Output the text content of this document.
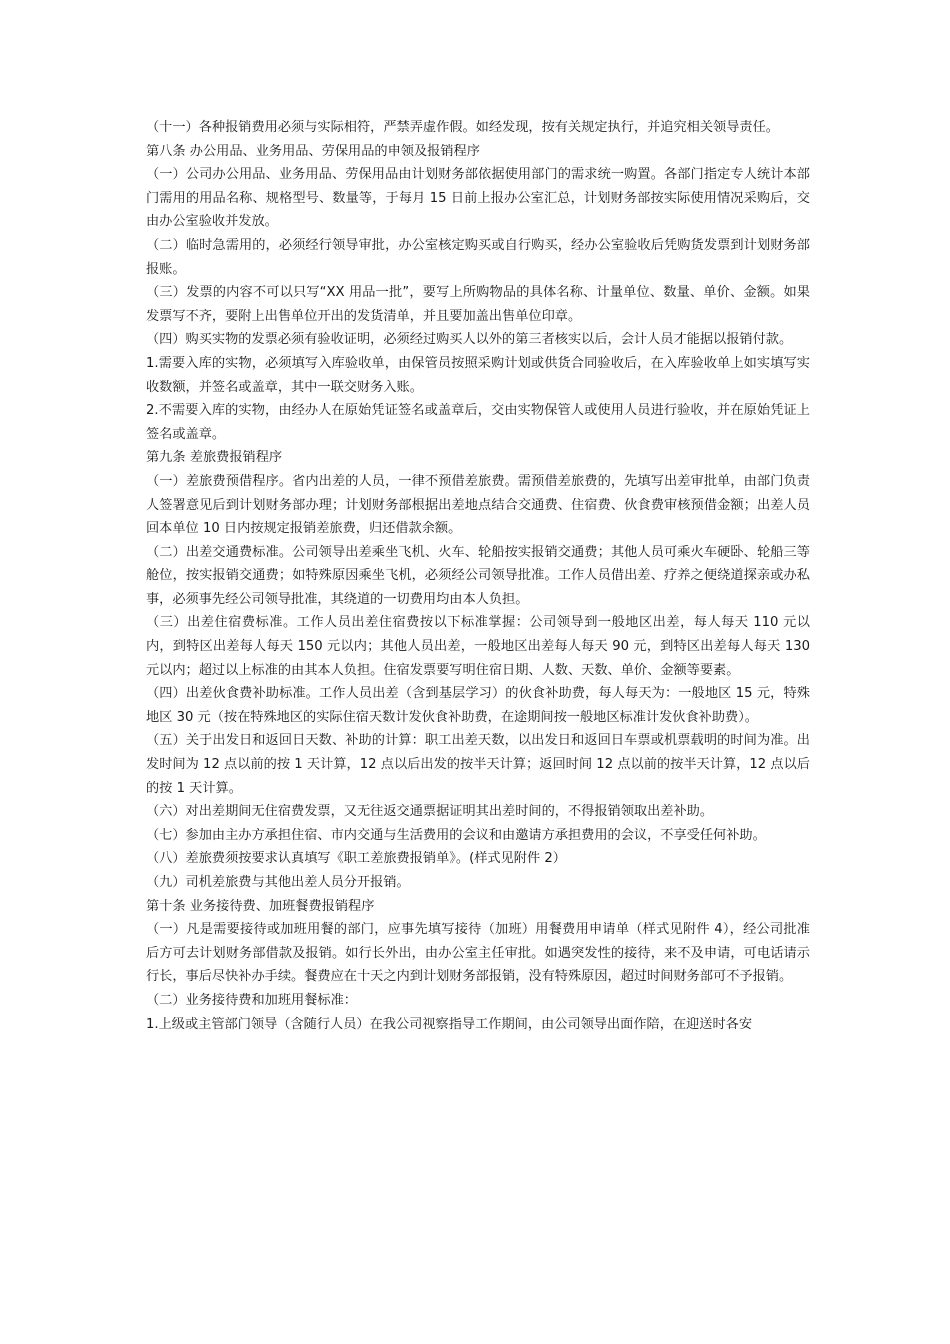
（十一）各种报销费用必须与实际相符，严禁弄虚作假。如经发现，按有关规定执行，并追究相关领导责任。

第八条 办公用品、业务用品、劳保用品的申领及报销程序

（一）公司办公用品、业务用品、劳保用品由计划财务部依据使用部门的需求统一购置。各部门指定专人统计本部门需用的用品名称、规格型号、数量等，于每月 15 日前上报办公室汇总，计划财务部按实际使用情况采购后，交由办公室验收并发放。

（二）临时急需用的，必须经行领导审批，办公室核定购买或自行购买，经办公室验收后凭购货发票到计划财务部报账。

（三）发票的内容不可以只写“XX 用品一批”，要写上所购物品的具体名称、计量单位、数量、单价、金额。如果发票写不齐，要附上出售单位开出的发货清单，并且要加盖出售单位印章。

（四）购买实物的发票必须有验收证明，必须经过购买人以外的第三者核实以后，会计人员才能据以报销付款。

1.需要入库的实物，必须填写入库验收单，由保管员按照采购计划或供货合同验收后，在入库验收单上如实填写实收数额，并签名或盖章，其中一联交财务入账。

2.不需要入库的实物，由经办人在原始凭证签名或盖章后，交由实物保管人或使用人员进行验收，并在原始凭证上签名或盖章。

第九条 差旅费报销程序

（一）差旅费预借程序。省内出差的人员，一律不预借差旅费。需预借差旅费的，先填写出差审批单，由部门负责人签署意见后到计划财务部办理；计划财务部根据出差地点结合交通费、住宿费、伙食费审核预借金额；出差人员回本单位 10 日内按规定报销差旅费，归还借款余额。

（二）出差交通费标准。公司领导出差乘坐飞机、火车、轮船按实报销交通费；其他人员可乘火车硬卧、轮船三等舱位，按实报销交通费；如特殊原因乘坐飞机，必须经公司领导批准。工作人员借出差、疗养之便绕道探亲或办私事，必须事先经公司领导批准，其绕道的一切费用均由本人负担。

（三）出差住宿费标准。工作人员出差住宿费按以下标准掌握：公司领导到一般地区出差，每人每天 110 元以内，到特区出差每人每天 150 元以内；其他人员出差，一般地区出差每人每天 90 元，到特区出差每人每天 130 元以内；超过以上标准的由其本人负担。住宿发票要写明住宿日期、人数、天数、单价、金额等要素。

（四）出差伙食费补助标准。工作人员出差（含到基层学习）的伙食补助费，每人每天为：一般地区 15 元，特殊地区 30 元（按在特殊地区的实际住宿天数计发伙食补助费，在途期间按一般地区标准计发伙食补助费）。

（五）关于出发日和返回日天数、补助的计算：职工出差天数，以出发日和返回日车票或机票载明的时间为准。出发时间为 12 点以前的按 1 天计算，12 点以后出发的按半天计算；返回时间 12 点以前的按半天计算，12 点以后的按 1 天计算。

（六）对出差期间无住宿费发票，又无往返交通票据证明其出差时间的，不得报销领取出差补助。

（七）参加由主办方承担住宿、市内交通与生活费用的会议和由邀请方承担费用的会议，不享受任何补助。

（八）差旅费须按要求认真填写《职工差旅费报销单》。(样式见附件 2）

（九）司机差旅费与其他出差人员分开报销。

第十条 业务接待费、加班餐费报销程序

（一）凡是需要接待或加班用餐的部门，应事先填写接待（加班）用餐费用申请单（样式见附件 4），经公司批准后方可去计划财务部借款及报销。如行长外出，由办公室主任审批。如遇突发性的接待，来不及申请，可电话请示行长，事后尽快补办手续。餐费应在十天之内到计划财务部报销，没有特殊原因，超过时间财务部可不予报销。

（二）业务接待费和加班用餐标准：

1.上级或主管部门领导（含随行人员）在我公司视察指导工作期间，由公司领导出面作陪，在迎送时各安
